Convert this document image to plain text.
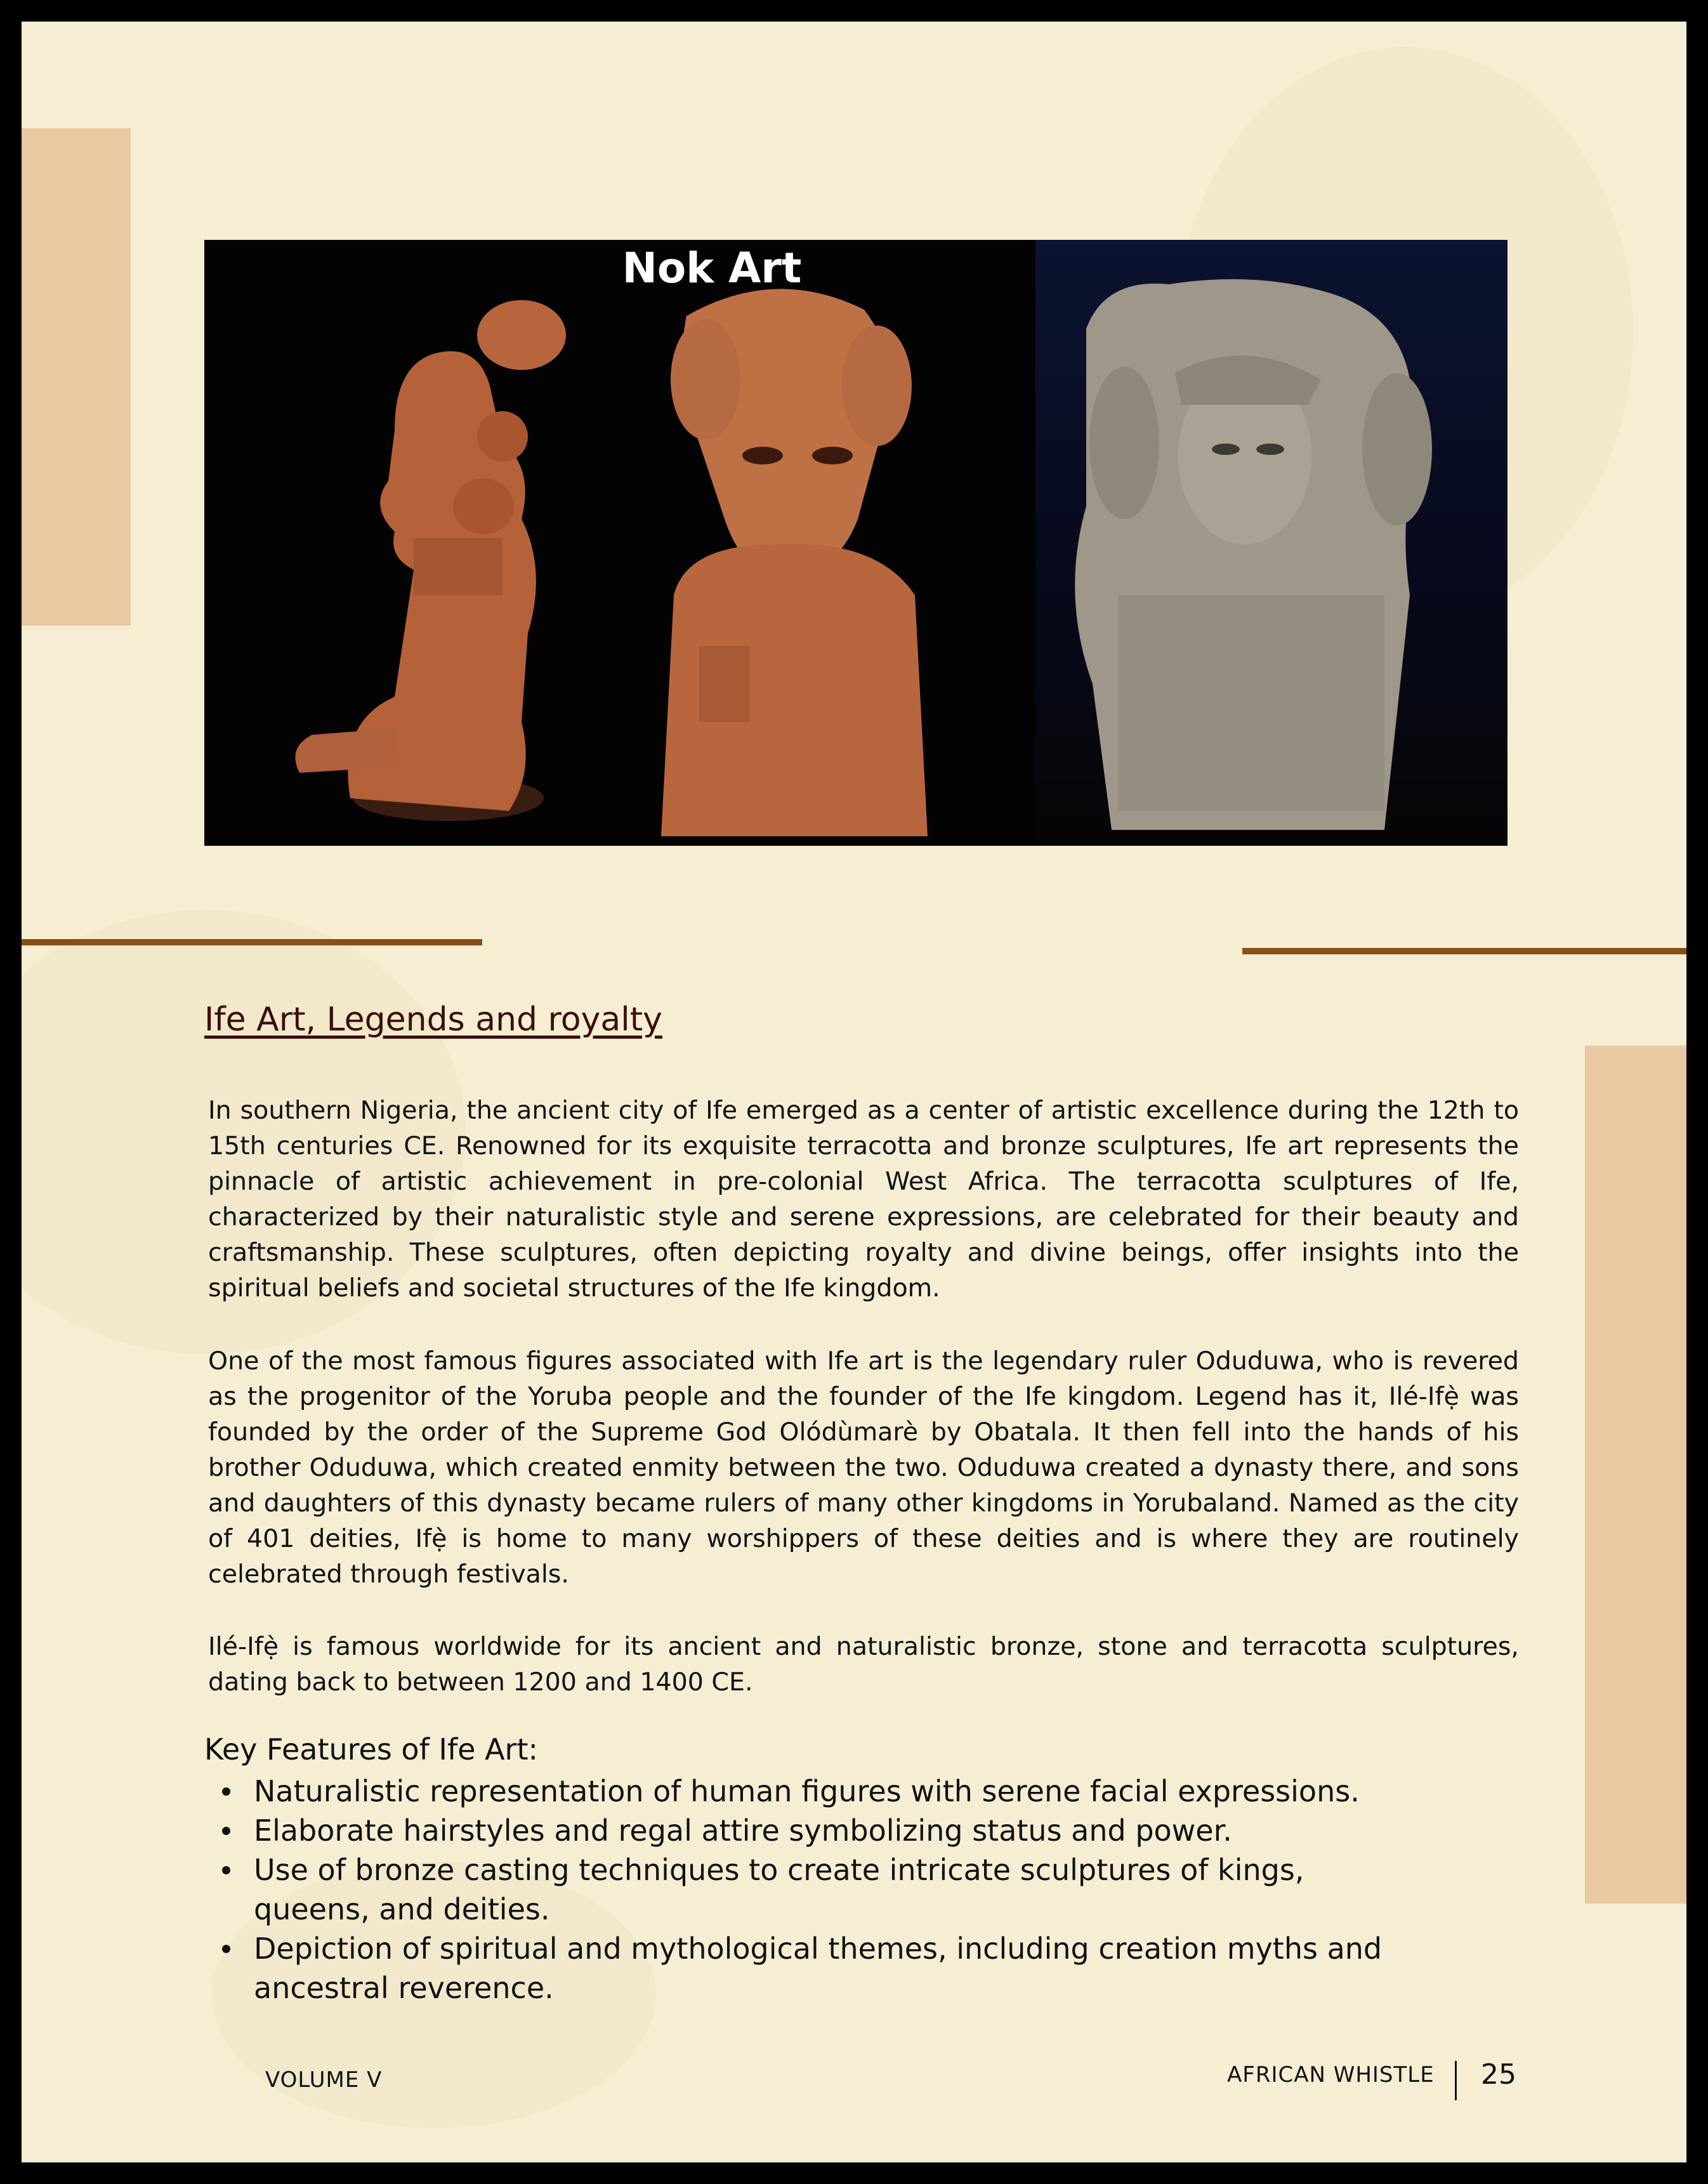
Nok Art
Ife Art, Legends and royalty

In southern Nigeria, the ancient city of Ife emerged as a center of artistic excellence during the 12th to 15th centuries CE. Renowned for its exquisite terracotta and bronze sculptures, Ife art represents the pinnacle of artistic achievement in pre-colonial West Africa. The terracotta sculptures of Ife, characterized by their naturalistic style and serene expressions, are celebrated for their beauty and craftsmanship. These sculptures, often depicting royalty and divine beings, offer insights into the spiritual beliefs and societal structures of the Ife kingdom.

One of the most famous figures associated with Ife art is the legendary ruler Oduduwa, who is revered as the progenitor of the Yoruba people and the founder of the Ife kingdom. Legend has it, Ilé-Ifẹ̀ was founded by the order of the Supreme God Olódùmarè by Obatala. It then fell into the hands of his brother Oduduwa, which created enmity between the two. Oduduwa created a dynasty there, and sons and daughters of this dynasty became rulers of many other kingdoms in Yorubaland. Named as the city of 401 deities, Ifẹ̀ is home to many worshippers of these deities and is where they are routinely celebrated through festivals.

Ilé-Ifẹ̀ is famous worldwide for its ancient and naturalistic bronze, stone and terracotta sculptures, dating back to between 1200 and 1400 CE.

Key Features of Ife Art:
Naturalistic representation of human figures with serene facial expressions.
Elaborate hairstyles and regal attire symbolizing status and power.
Use of bronze casting techniques to create intricate sculptures of kings, queens, and deities.
Depiction of spiritual and mythological themes, including creation myths and ancestral reverence.
VOLUME V	AFRICAN WHISTLE 25
